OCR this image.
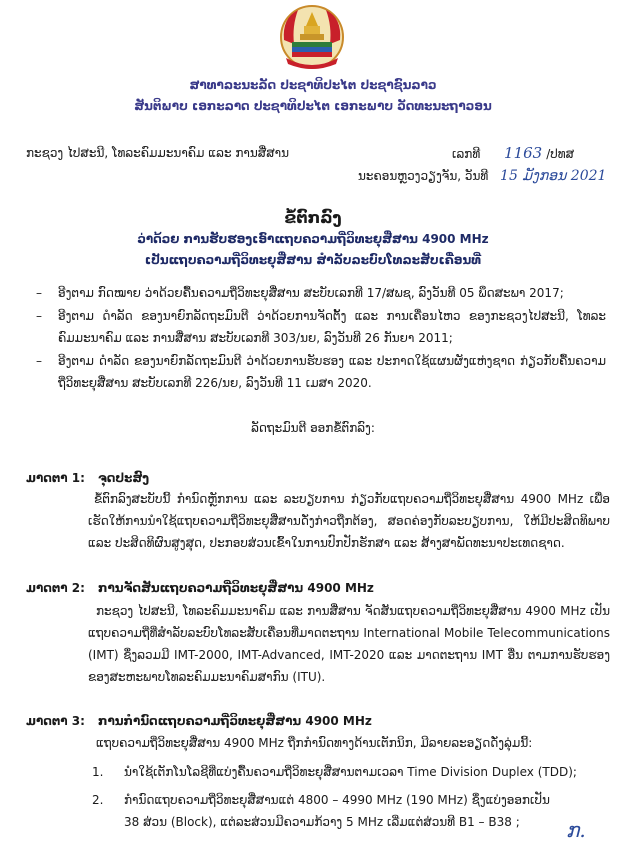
ສາທາລະນະລັດ ປະຊາທິປະໄຕ ປະຊາຊົນລາວ
ສັນຕິພາບ ເອກະລາດ ປະຊາທິປະໄຕ ເອກະພາບ ວັດທະນະຖາວອນ
ກະຊວງ ໄປສະນີ, ໂທລະຄົມມະນາຄົມ ແລະ ການສື່ສານ	ເລກທີ 1163 /ປທສ
ນະຄອນຫຼວງວຽງຈັນ, ວັນທີ 15 ມັງກອນ 2021
ຂໍ້ຕົກລົງ
ວ່າດ້ວຍ ການຮັບຮອງເອົາແຖບຄວາມຖີ່ວິທະຍຸສື່ສານ 4900 MHz
ເປັນແຖບຄວາມຖີ່ວິທະຍຸສື່ສານ ສຳລັບລະບົບໂທລະສັບເຄື່ອນທີ່
– ອີງຕາມ ກົດໝາຍ ວ່າດ້ວຍຄື້ນຄວາມຖີ່ວິທະຍຸສື່ສານ ສະບັບເລກທີ 17/ສພຊ, ລົງວັນທີ 05 ພຶດສະພາ 2017;
– ອີງຕາມ ດຳລັດ ຂອງນາຍົກລັດຖະມົນຕີ ວ່າດ້ວຍການຈັດຕັ້ງ ແລະ ການເຄື່ອນໄຫວ ຂອງກະຊວງໄປສະນີ, ໂທລະຄົມມະນາຄົມ ແລະ ການສື່ສານ ສະບັບເລກທີ 303/ນຍ, ລົງວັນທີ 26 ກັນຍາ 2011;
– ອີງຕາມ ດຳລັດ ຂອງນາຍົກລັດຖະມົນຕີ ວ່າດ້ວຍການຮັບຮອງ ແລະ ປະກາດໃຊ້ແຜນຜັງແຫ່ງຊາດ ກ່ຽວກັບຄື້ນຄວາມຖີ່ວິທະຍຸສື່ສານ ສະບັບເລກທີ 226/ນຍ, ລົງວັນທີ 11 ເມສາ 2020.
ລັດຖະມົນຕີ ອອກຂໍ້ຕົກລົງ:
ມາດຕາ 1: ຈຸດປະສົງ
ຂໍ້ຕົກລົງສະບັບນີ້ ກຳນົດຫຼັກການ ແລະ ລະບຽບການ ກ່ຽວກັບແຖບຄວາມຖີ່ວິທະຍຸສື່ສານ 4900 MHz ເພື່ອເຮັດໃຫ້ການນຳໃຊ້ແຖບຄວາມຖີ່ວິທະຍຸສື່ສານດັ່ງກ່າວຖືກຕ້ອງ, ສອດຄ່ອງກັບລະບຽບການ, ໃຫ້ມີປະສິດທິພາບ ແລະ ປະສິດທິຜົນສູງສຸດ, ປະກອບສ່ວນເຂົ້າໃນການປົກປັກຮັກສາ ແລະ ສ້າງສາພັດທະນາປະເທດຊາດ.
ມາດຕາ 2: ການຈັດສັນແຖບຄວາມຖີ່ວິທະຍຸສື່ສານ 4900 MHz
ກະຊວງ ໄປສະນີ, ໂທລະຄົມມະນາຄົມ ແລະ ການສື່ສານ ຈັດສັນແຖບຄວາມຖີ່ວິທະຍຸສື່ສານ 4900 MHz ເປັນແຖບຄວາມຖີ່ທີ່ສຳລັບລະບົບໂທລະສັບເຄື່ອນທີ່ມາດຕະຖານ International Mobile Telecommunications (IMT) ຊຶ່ງລວມມີ IMT-2000, IMT-Advanced, IMT-2020 ແລະ ມາດຕະຖານ IMT ອື່ນ ຕາມການຮັບຮອງຂອງສະຫະພາບໂທລະຄົມມະນາຄົມສາກົນ (ITU).
ມາດຕາ 3: ການກຳນົດແຖບຄວາມຖີ່ວິທະຍຸສື່ສານ 4900 MHz
ແຖບຄວາມຖີ່ວິທະຍຸສື່ສານ 4900 MHz ຖືກກຳນົດທາງດ້ານເຕັກນິກ, ມີລາຍລະອຽດດັ່ງລຸ່ມນີ້:
1. ນຳໃຊ້ເຕັກໂນໂລຊີທີ່ແບ່ງຄື້ນຄວາມຖີ່ວິທະຍຸສື່ສານຕາມເວລາ Time Division Duplex (TDD);
2. ກຳນົດແຖບຄວາມຖີ່ວິທະຍຸສື່ສານແຕ່ 4800 – 4990 MHz (190 MHz) ຊຶ່ງແບ່ງອອກເປັນ 38 ສ່ວນ (Block), ແຕ່ລະສ່ວນມີຄວາມກ້ວາງ 5 MHz ເລີ່ມແຕ່ສ່ວນທີ B1 – B38 ;	ກ.
